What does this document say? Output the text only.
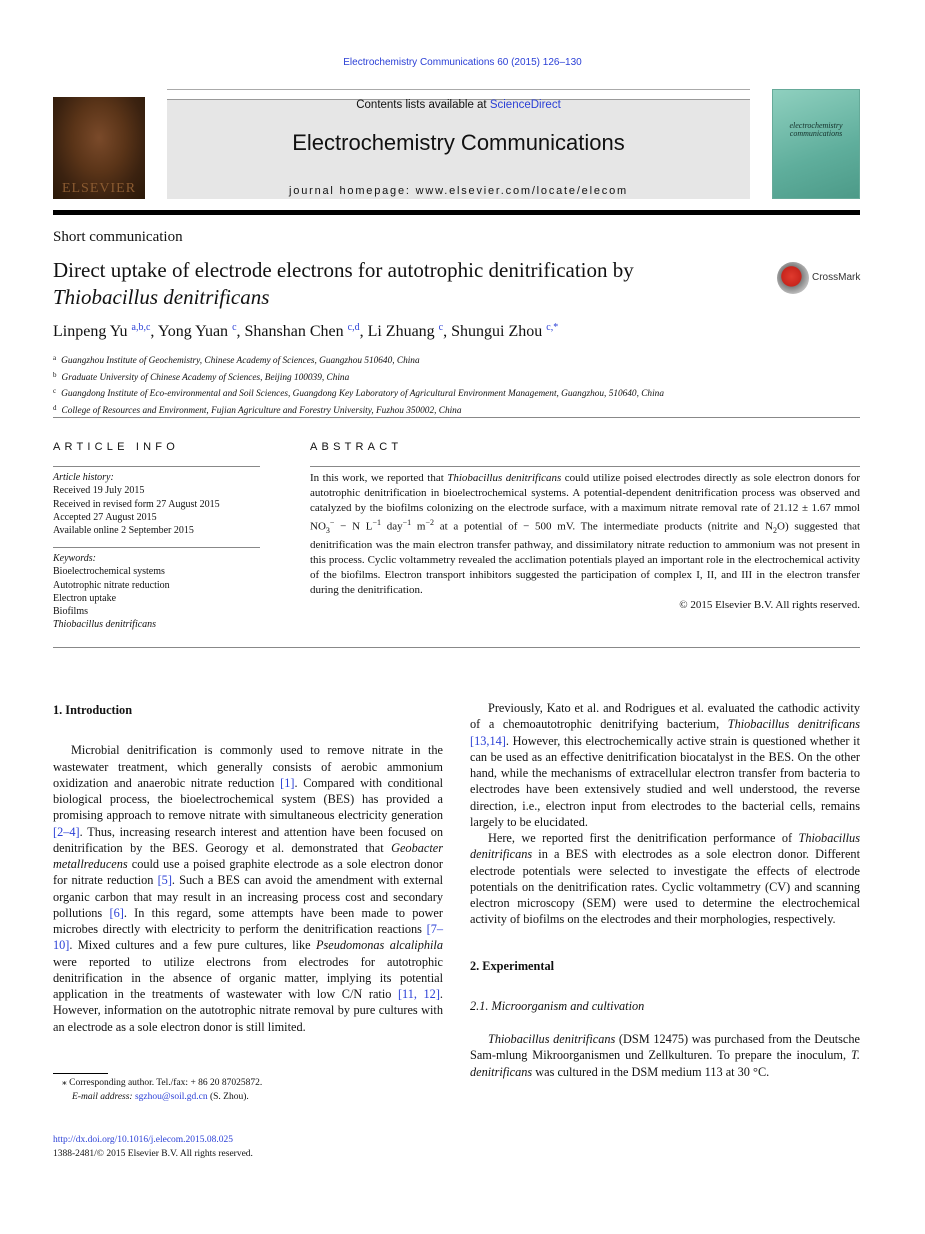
Electrochemistry Communications 60 (2015) 126–130
ELSEVIER
Contents lists available at ScienceDirect
Electrochemistry Communications
journal homepage: www.elsevier.com/locate/elecom
electrochemistry communications
Short communication
Direct uptake of electrode electrons for autotrophic denitrification by
Thiobacillus denitrificans
CrossMark
Linpeng Yu $^{a,b,c}$, Yong Yuan $^c$, Shanshan Chen $^{c,d}$, Li Zhuang $^c$, Shungui Zhou $^{c,*}$
$^a$ Guangzhou Institute of Geochemistry, Chinese Academy of Sciences, Guangzhou 510640, China
$^b$ Graduate University of Chinese Academy of Sciences, Beijing 100039, China
$^c$ Guangdong Institute of Eco-environmental and Soil Sciences, Guangdong Key Laboratory of Agricultural Environment Management, Guangzhou, 510640, China
$^d$ College of Resources and Environment, Fujian Agriculture and Forestry University, Fuzhou 350002, China
ARTICLE INFO	ABSTRACT
Article history:
Received 19 July 2015
Received in revised form 27 August 2015
Accepted 27 August 2015
Available online 2 September 2015
Keywords:
Bioelectrochemical systems
Autotrophic nitrate reduction
Electron uptake
Biofilms
Thiobacillus denitrificans
In this work, we reported that Thiobacillus denitrificans could utilize poised electrodes directly as sole electron donors for autotrophic denitrification in bioelectrochemical systems. A potential-dependent denitrification process was observed and catalyzed by the biofilms colonizing on the electrode surface, with a maximum nitrate removal rate of 21.12 ± 1.67 mmol $NO_3^- - N$ $L^{-1}$ day$^{-1}$ $m^{-2}$ at a potential of − 500 mV. The intermediate products (nitrite and $N_2O$) suggested that denitrification was the main electron transfer pathway, and dissimilatory nitrate reduction to ammonium was not present in this process. Cyclic voltammetry revealed the acclimation potentials played an important role in the electrochemical activity of the biofilms. Electron transport inhibitors suggested the participation of complex I, II, and III in the electron transfer during the denitrification.
© 2015 Elsevier B.V. All rights reserved.

1. Introduction

Microbial denitrification is commonly used to remove nitrate in the wastewater treatment, which generally consists of aerobic ammonium oxidization and anaerobic nitrate reduction [1]. Compared with conditional biological process, the bioelectrochemical system (BES) has provided a promising approach to remove nitrate with simultaneous electricity generation [2–4]. Thus, increasing research interest and attention have been focused on denitrification by the BES. Georogy et al. demonstrated that Geobacter metallreducens could use a poised graphite electrode as a sole electron donor for nitrate reduction [5]. Such a BES can avoid the amendment with external organic carbon that may result in an increasing process cost and secondary pollutions [6]. In this regard, some attempts have been made to power microbes directly with electricity to perform the denitrification reactions [7–10]. Mixed cultures and a few pure cultures, like Pseudomonas alcaliphila were reported to utilize electrons from electrodes for autotrophic denitrification in the absence of organic matter, implying its potential application in the treatments of wastewater with low C/N ratio [11, 12]. However, information on the autotrophic nitrate removal by pure cultures with an electrode as a sole electron donor is still limited.

Previously, Kato et al. and Rodrigues et al. evaluated the cathodic activity of a chemoautotrophic denitrifying bacterium, Thiobacillus denitrificans [13,14]. However, this electrochemically active strain is questioned whether it can be used as an effective denitrification biocatalyst in the BES. On the other hand, while the mechanisms of extracellular electron transfer from bacteria to electrodes have been extensively studied and well understood, the reverse direction, i.e., electron input from electrodes to the bacterial cells, remains largely to be elucidated.

Here, we reported first the denitrification performance of Thiobacillus denitrificans in a BES with electrodes as a sole electron donor. Different electrode potentials were selected to investigate the effects of electrode potentials on the denitrification rates. Cyclic voltammetry (CV) and scanning electron microscopy (SEM) were used to determine the electrochemical activity of biofilms on the electrodes and their morphologies, respectively.

2. Experimental

2.1. Microorganism and cultivation

Thiobacillus denitrificans (DSM 12475) was purchased from the Deutsche Sam-mlung Mikroorganismen und Zellkulturen. To prepare the inoculum, T. denitrificans was cultured in the DSM medium 113 at 30 °C.

⁎ Corresponding author. Tel./fax: + 86 20 87025872.
E-mail address: sgzhou@soil.gd.cn (S. Zhou).
http://dx.doi.org/10.1016/j.elecom.2015.08.025
1388-2481/© 2015 Elsevier B.V. All rights reserved.
